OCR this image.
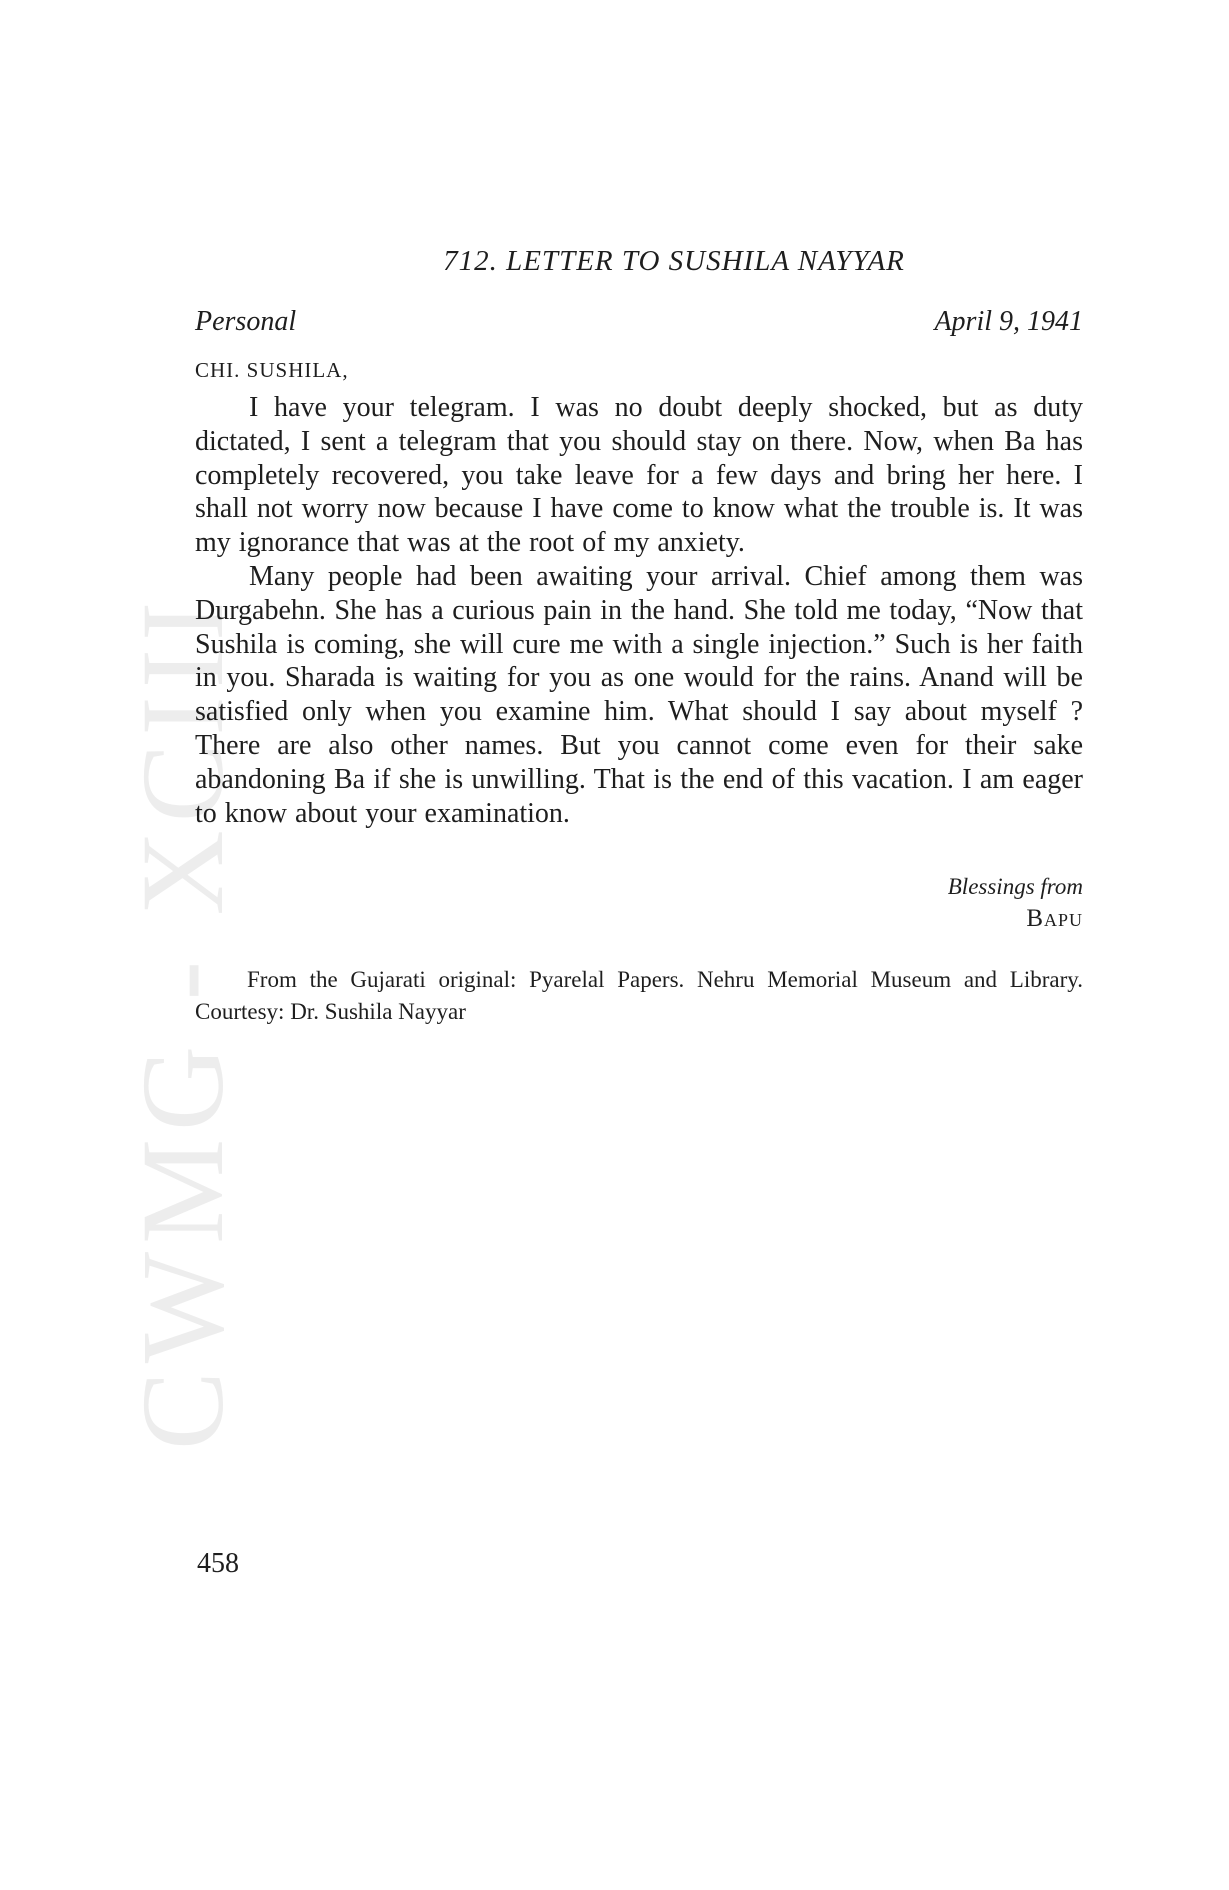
CWMG - XCIII
712. LETTER TO SUSHILA NAYYAR
Personal	April 9, 1941
CHI. SUSHILA,

I have your telegram. I was no doubt deeply shocked, but as duty dictated, I sent a telegram that you should stay on there. Now, when Ba has completely recovered, you take leave for a few days and bring her here. I shall not worry now because I have come to know what the trouble is. It was my ignorance that was at the root of my anxiety.

Many people had been awaiting your arrival. Chief among them was Durgabehn. She has a curious pain in the hand. She told me today, “Now that Sushila is coming, she will cure me with a single injection.” Such is her faith in you. Sharada is waiting for you as one would for the rains. Anand will be satisfied only when you examine him. What should I say about myself ? There are also other names. But you cannot come even for their sake abandoning Ba if she is unwilling. That is the end of this vacation. I am eager to know about your examination.

Blessings from
Bapu
From the Gujarati original: Pyarelal Papers. Nehru Memorial Museum and Library. Courtesy: Dr. Sushila Nayyar
458
